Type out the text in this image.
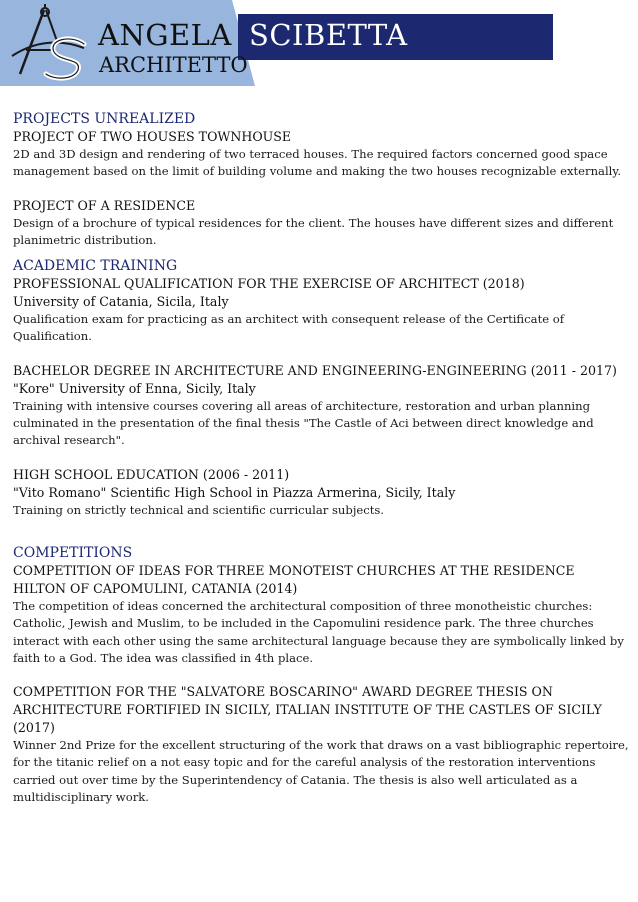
ANGELA
ARCHITETTO
SCIBETTA
PROJECTS UNREALIZED
PROJECT OF TWO HOUSES TOWNHOUSE
2D and 3D design and rendering of two terraced houses. The required factors concerned good space management based on the limit of building volume and making the two houses recognizable externally.
PROJECT OF A RESIDENCE
Design of a brochure of typical residences for the client. The houses have different sizes and different planimetric distribution.
ACADEMIC TRAINING
PROFESSIONAL QUALIFICATION FOR THE EXERCISE OF ARCHITECT (2018)
University of Catania, Sicila, Italy
Qualification exam for practicing as an architect with consequent release of the Certificate of Qualification.
BACHELOR DEGREE IN ARCHITECTURE AND ENGINEERING-ENGINEERING (2011 - 2017)
"Kore" University of Enna, Sicily, Italy
Training with intensive courses covering all areas of architecture, restoration and urban planning culminated in the presentation of the final thesis "The Castle of Aci between direct knowledge and archival research".
HIGH SCHOOL EDUCATION (2006 - 2011)
"Vito Romano" Scientific High School in Piazza Armerina, Sicily, Italy
Training on strictly technical and scientific curricular subjects.
COMPETITIONS
COMPETITION OF IDEAS FOR THREE MONOTEIST CHURCHES AT THE RESIDENCE HILTON OF CAPOMULINI, CATANIA (2014)
The competition of ideas concerned the architectural composition of three monotheistic churches: Catholic, Jewish and Muslim, to be included in the Capomulini residence park. The three churches interact with each other using the same architectural language because they are symbolically linked by faith to a God. The idea was classified in 4th place.
COMPETITION FOR THE "SALVATORE BOSCARINO" AWARD DEGREE THESIS ON ARCHITECTURE FORTIFIED IN SICILY, ITALIAN INSTITUTE OF THE CASTLES OF SICILY (2017)
Winner 2nd Prize for the excellent structuring of the work that draws on a vast bibliographic repertoire, for the titanic relief on a not easy topic and for the careful analysis of the restoration interventions carried out over time by the Superintendency of Catania. The thesis is also well articulated as a multidisciplinary work.
